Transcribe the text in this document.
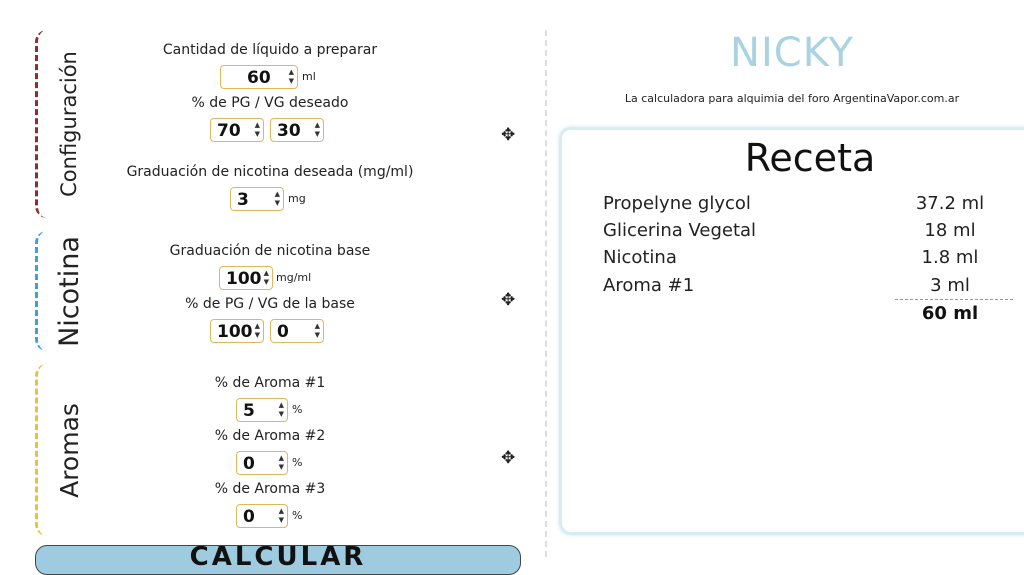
Configuración
Cantidad de líquido a preparar
60	▲
▼ ml
% de PG / VG deseado
70 ▲
▼ 30 ▲
▼
Graduación de nicotina deseada (mg/ml)
3	▲
▼ mg
✥
Nicotina	Graduación de nicotina base
100 ▲
▼ mg/ml
% de PG / VG de la base
100 ▲
▼ 0	▲
▼
✥
Aromas
% de Aroma #1
5	▲
▼ %
% de Aroma #2
0	▲
▼ %
% de Aroma #3
0	▲
▼ %
✥
CALCULAR
NICKY
La calculadora para alquimia del foro ArgentinaVapor.com.ar
Receta
Propelyne glycol	37.2 ml
Glicerina Vegetal	18 ml
Nicotina	1.8 ml
Aroma #1	3 ml
60 ml
